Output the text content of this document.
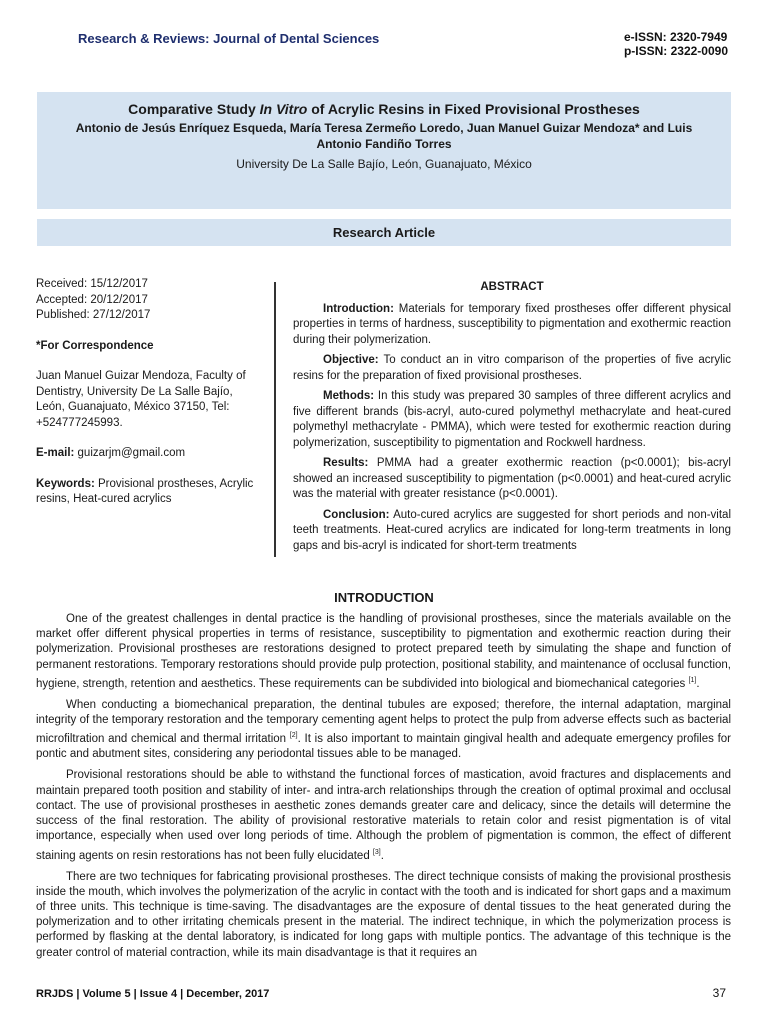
Research & Reviews: Journal of Dental Sciences	e-ISSN: 2320-7949
p-ISSN: 2322-0090
Comparative Study In Vitro of Acrylic Resins in Fixed Provisional Prostheses
Antonio de Jesús Enríquez Esqueda, María Teresa Zermeño Loredo, Juan Manuel Guizar Mendoza* and Luis Antonio Fandiño Torres
University De La Salle Bajío, León, Guanajuato, México
Research Article

Received: 15/12/2017

Accepted: 20/12/2017

Published: 27/12/2017

*For Correspondence

Juan Manuel Guizar Mendoza, Faculty of Dentistry, University De La Salle Bajío, León, Guanajuato, México 37150, Tel: +524777245993.

E-mail: guizarjm@gmail.com

Keywords: Provisional prostheses, Acrylic resins, Heat-cured acrylics

ABSTRACT

Introduction: Materials for temporary fixed prostheses offer different physical properties in terms of hardness, susceptibility to pigmentation and exothermic reaction during their polymerization.

Objective: To conduct an in vitro comparison of the properties of five acrylic resins for the preparation of fixed provisional prostheses.

Methods: In this study was prepared 30 samples of three different acrylics and five different brands (bis-acryl, auto-cured polymethyl methacrylate and heat-cured polymethyl methacrylate - PMMA), which were tested for exothermic reaction during polymerization, susceptibility to pigmentation and Rockwell hardness.

Results: PMMA had a greater exothermic reaction (p<0.0001); bis-acryl showed an increased susceptibility to pigmentation (p<0.0001) and heat-cured acrylic was the material with greater resistance (p<0.0001).

Conclusion: Auto-cured acrylics are suggested for short periods and non-vital teeth treatments. Heat-cured acrylics are indicated for long-term treatments in long gaps and bis-acryl is indicated for short-term treatments

INTRODUCTION

One of the greatest challenges in dental practice is the handling of provisional prostheses, since the materials available on the market offer different physical properties in terms of resistance, susceptibility to pigmentation and exothermic reaction during their polymerization. Provisional prostheses are restorations designed to protect prepared teeth by simulating the shape and function of permanent restorations. Temporary restorations should provide pulp protection, positional stability, and maintenance of occlusal function, hygiene, strength, retention and aesthetics. These requirements can be subdivided into biological and biomechanical categories [1].

When conducting a biomechanical preparation, the dentinal tubules are exposed; therefore, the internal adaptation, marginal integrity of the temporary restoration and the temporary cementing agent helps to protect the pulp from adverse effects such as bacterial microfiltration and chemical and thermal irritation [2]. It is also important to maintain gingival health and adequate emergency profiles for pontic and abutment sites, considering any periodontal tissues able to be managed.

Provisional restorations should be able to withstand the functional forces of mastication, avoid fractures and displacements and maintain prepared tooth position and stability of inter- and intra-arch relationships through the creation of optimal proximal and occlusal contact. The use of provisional prostheses in aesthetic zones demands greater care and delicacy, since the details will determine the success of the final restoration. The ability of provisional restorative materials to retain color and resist pigmentation is of vital importance, especially when used over long periods of time. Although the problem of pigmentation is common, the effect of different staining agents on resin restorations has not been fully elucidated [3].

There are two techniques for fabricating provisional prostheses. The direct technique consists of making the provisional prosthesis inside the mouth, which involves the polymerization of the acrylic in contact with the tooth and is indicated for short gaps and a maximum of three units. This technique is time-saving. The disadvantages are the exposure of dental tissues to the heat generated during the polymerization and to other irritating chemicals present in the material. The indirect technique, in which the polymerization process is performed by flasking at the dental laboratory, is indicated for long gaps with multiple pontics. The advantage of this technique is the greater control of material contraction, while its main disadvantage is that it requires an

RRJDS | Volume 5 | Issue 4 | December, 2017	37
